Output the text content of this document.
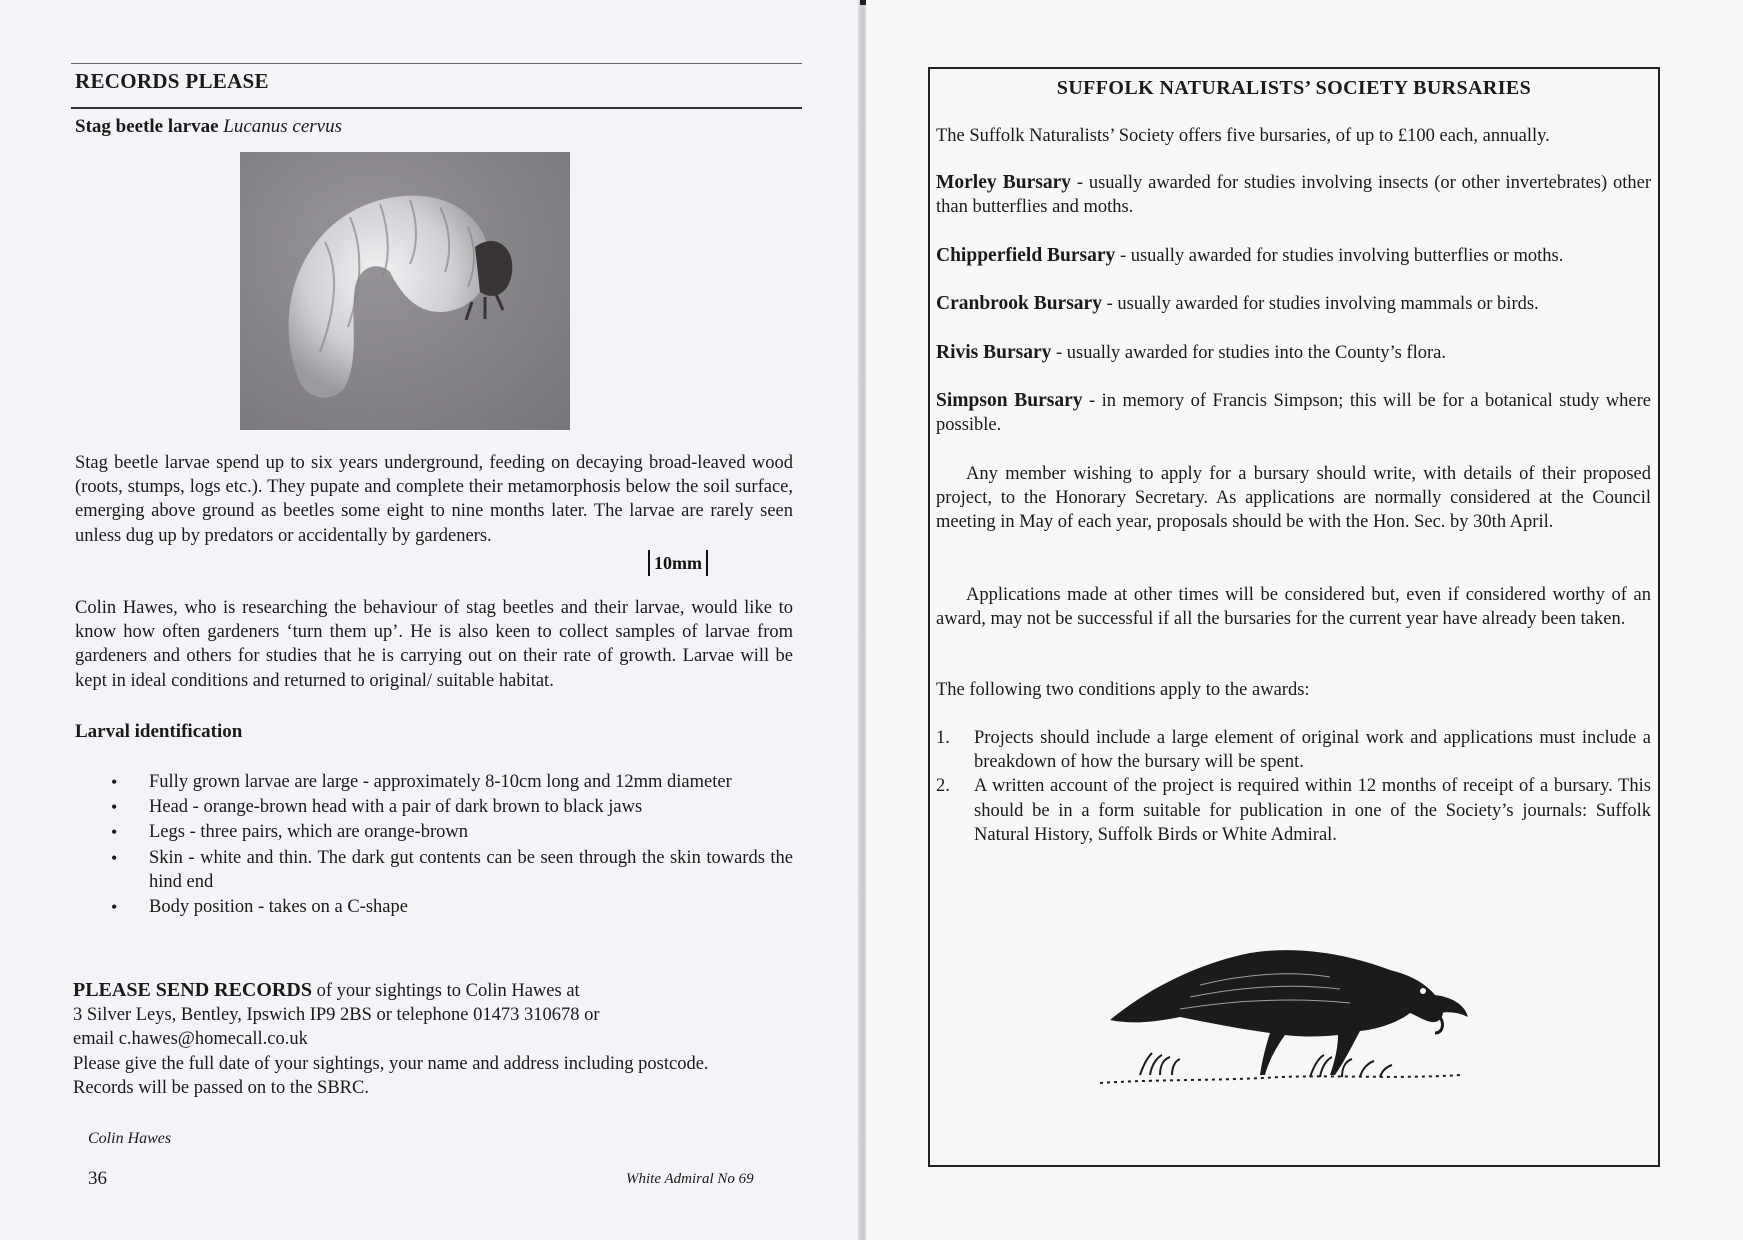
RECORDS PLEASE
Stag beetle larvae Lucanus cervus
10mm
Stag beetle larvae spend up to six years underground, feeding on decaying broad-leaved wood (roots, stumps, logs etc.). They pupate and complete their metamorphosis below the soil surface, emerging above ground as beetles some eight to nine months later. The larvae are rarely seen unless dug up by predators or accidentally by gardeners.
Colin Hawes, who is researching the behaviour of stag beetles and their larvae, would like to know how often gardeners ‘turn them up’. He is also keen to collect samples of larvae from gardeners and others for studies that he is carrying out on their rate of growth. Larvae will be kept in ideal conditions and returned to original/ suitable habitat.
Larval identification
• Fully grown larvae are large - approximately 8-10cm long and 12mm diameter
• Head - orange-brown head with a pair of dark brown to black jaws
• Legs - three pairs, which are orange-brown
• Skin - white and thin. The dark gut contents can be seen through the skin towards the hind end
• Body position - takes on a C-shape
PLEASE SEND RECORDS of your sightings to Colin Hawes at
3 Silver Leys, Bentley, Ipswich IP9 2BS or telephone 01473 310678 or
email c.hawes@homecall.co.uk
Please give the full date of your sightings, your name and address including postcode.
Records will be passed on to the SBRC.
Colin Hawes
36	White Admiral No 69
SUFFOLK NATURALISTS’ SOCIETY BURSARIES
The Suffolk Naturalists’ Society offers five bursaries, of up to £100 each, annually.
Morley Bursary - usually awarded for studies involving insects (or other invertebrates) other than butterflies and moths.
Chipperfield Bursary - usually awarded for studies involving butterflies or moths.
Cranbrook Bursary - usually awarded for studies involving mammals or birds.
Rivis Bursary - usually awarded for studies into the County’s flora.
Simpson Bursary - in memory of Francis Simpson; this will be for a botanical study where possible.
Any member wishing to apply for a bursary should write, with details of their proposed project, to the Honorary Secretary. As applications are normally considered at the Council meeting in May of each year, proposals should be with the Hon. Sec. by 30th April.
Applications made at other times will be considered but, even if considered worthy of an award, may not be successful if all the bursaries for the current year have already been taken.
The following two conditions apply to the awards:
1. Projects should include a large element of original work and applications must include a breakdown of how the bursary will be spent.
2. A written account of the project is required within 12 months of receipt of a bursary. This should be in a form suitable for publication in one of the Society’s journals: Suffolk Natural History, Suffolk Birds or White Admiral.
